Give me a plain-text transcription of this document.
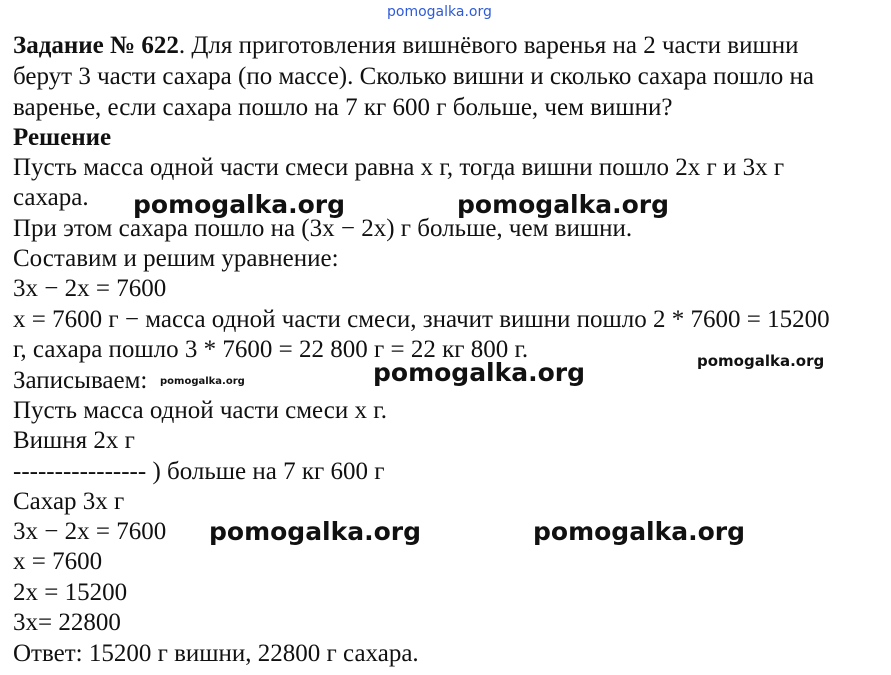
pomogalka.org
Задание № 622. Для приготовления вишнёвого варенья на 2 части вишни
берут 3 части сахара (по массе). Сколько вишни и сколько сахара пошло на
варенье, если сахара пошло на 7 кг 600 г больше, чем вишни?
Решение
Пусть масса одной части смеси равна х г, тогда вишни пошло 2х г и 3х г
сахара. pomogalka.org	pomogalka.org
При этом сахара пошло на (3х − 2х) г больше, чем вишни.
Составим и решим уравнение:
3х − 2х = 7600
х = 7600 г − масса одной части смеси, значит вишни пошло 2 * 7600 = 15200
г, сахара пошло 3 * 7600 = 22 800 г = 22 кг 800 г.	pomogalka.org
pomogalka.org
Записываем: pomogalka.org
Пусть масса одной части смеси х г.
Вишня 2х г
---------------- ) больше на 7 кг 600 г
Сахар 3х г
3х − 2х = 7600 pomogalka.org	pomogalka.org
х = 7600
2х = 15200
3х= 22800
Ответ: 15200 г вишни, 22800 г сахара.
